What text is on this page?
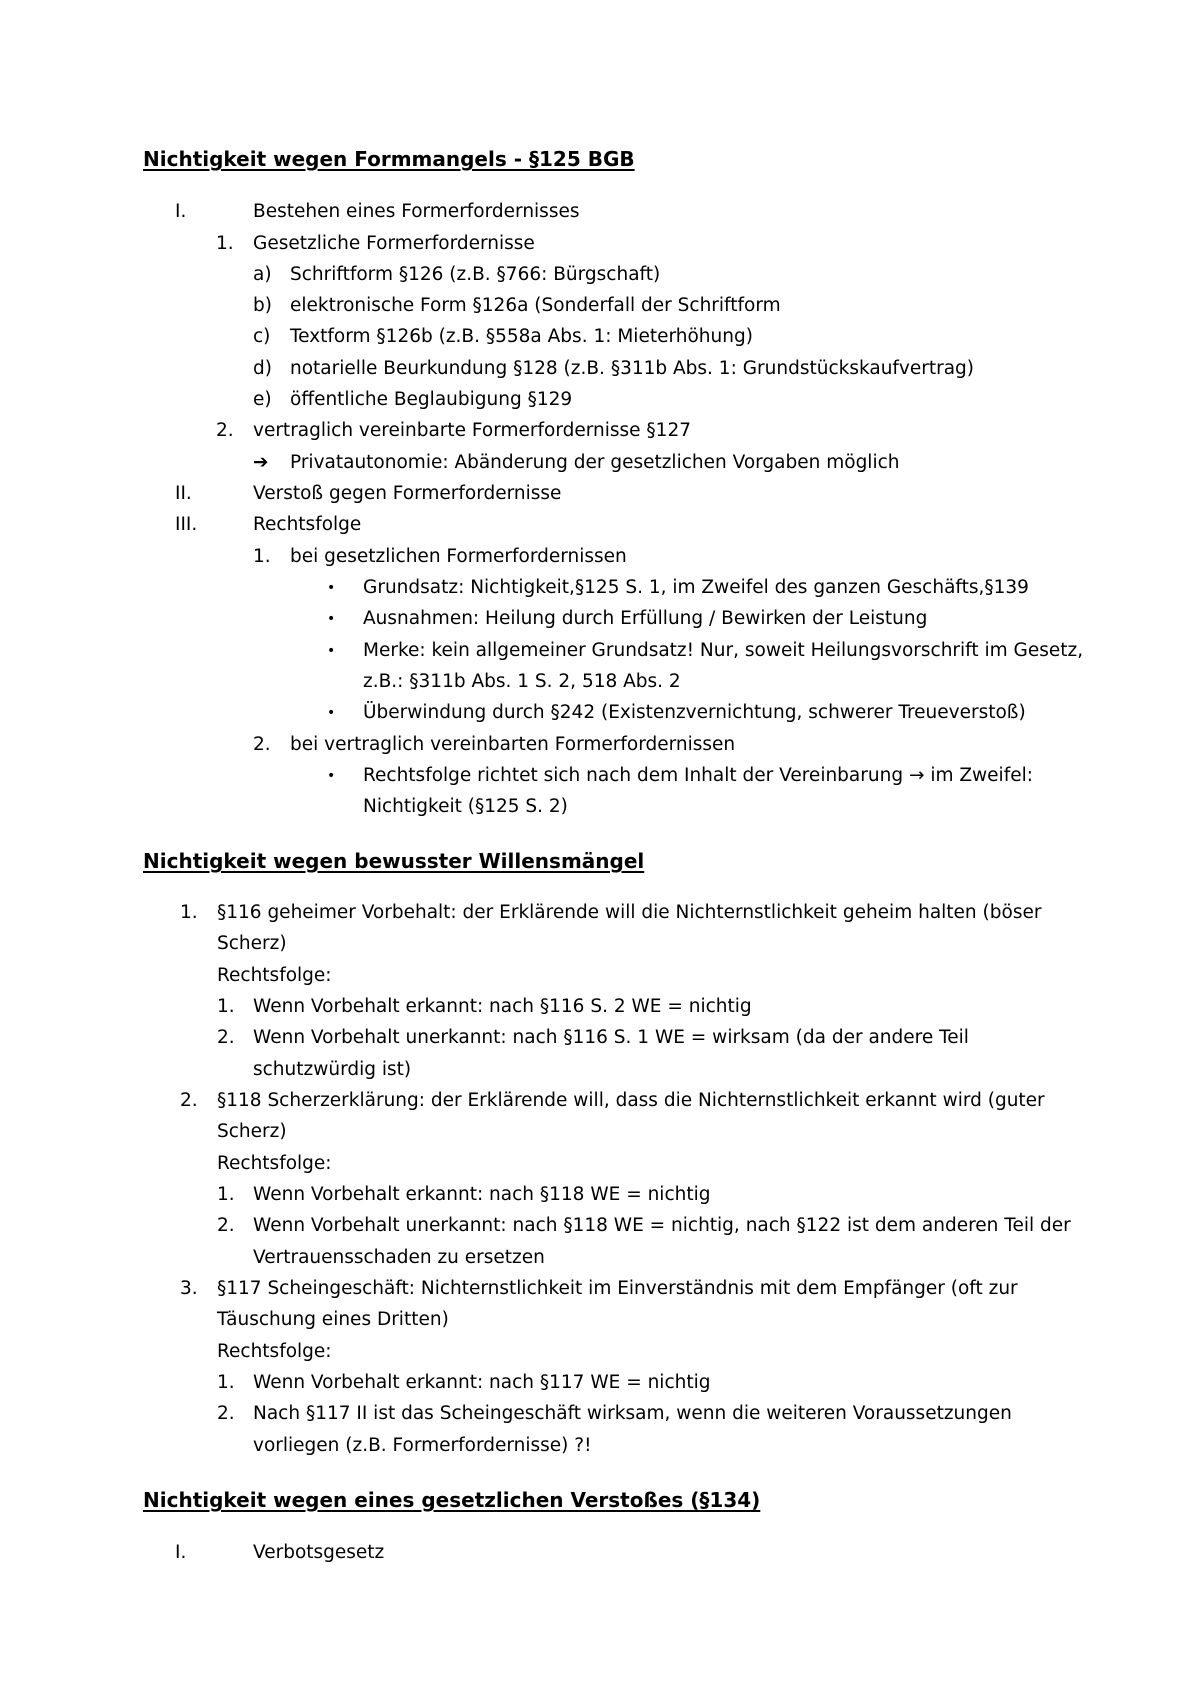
Nichtigkeit wegen Formmangels - §125 BGB
I.	Bestehen eines Formerfordernisses
1. Gesetzliche Formerfordernisse
a) Schriftform §126 (z.B. §766: Bürgschaft)
b) elektronische Form §126a (Sonderfall der Schriftform
c) Textform §126b (z.B. §558a Abs. 1: Mieterhöhung)
d) notarielle Beurkundung §128 (z.B. §311b Abs. 1: Grundstückskaufvertrag)
e) öffentliche Beglaubigung §129
2. vertraglich vereinbarte Formerfordernisse §127
➔ Privatautonomie: Abänderung der gesetzlichen Vorgaben möglich
II.	Verstoß gegen Formerfordernisse
III.	Rechtsfolge
1. bei gesetzlichen Formerfordernissen
• Grundsatz: Nichtigkeit,§125 S. 1, im Zweifel des ganzen Geschäfts,§139
• Ausnahmen: Heilung durch Erfüllung / Bewirken der Leistung
• Merke: kein allgemeiner Grundsatz! Nur, soweit Heilungsvorschrift im Gesetz,
z.B.: §311b Abs. 1 S. 2, 518 Abs. 2
• Überwindung durch §242 (Existenzvernichtung, schwerer Treueverstoß)
2. bei vertraglich vereinbarten Formerfordernissen
• Rechtsfolge richtet sich nach dem Inhalt der Vereinbarung → im Zweifel:
Nichtigkeit (§125 S. 2)
Nichtigkeit wegen bewusster Willensmängel
1. §116 geheimer Vorbehalt: der Erklärende will die Nichternstlichkeit geheim halten (böser
Scherz)
Rechtsfolge:
1. Wenn Vorbehalt erkannt: nach §116 S. 2 WE = nichtig
2. Wenn Vorbehalt unerkannt: nach §116 S. 1 WE = wirksam (da der andere Teil
schutzwürdig ist)
2. §118 Scherzerklärung: der Erklärende will, dass die Nichternstlichkeit erkannt wird (guter
Scherz)
Rechtsfolge:
1. Wenn Vorbehalt erkannt: nach §118 WE = nichtig
2. Wenn Vorbehalt unerkannt: nach §118 WE = nichtig, nach §122 ist dem anderen Teil der
Vertrauensschaden zu ersetzen
3. §117 Scheingeschäft: Nichternstlichkeit im Einverständnis mit dem Empfänger (oft zur
Täuschung eines Dritten)
Rechtsfolge:
1. Wenn Vorbehalt erkannt: nach §117 WE = nichtig
2. Nach §117 II ist das Scheingeschäft wirksam, wenn die weiteren Voraussetzungen
vorliegen (z.B. Formerfordernisse) ?!
Nichtigkeit wegen eines gesetzlichen Verstoßes (§134)
I.	Verbotsgesetz
